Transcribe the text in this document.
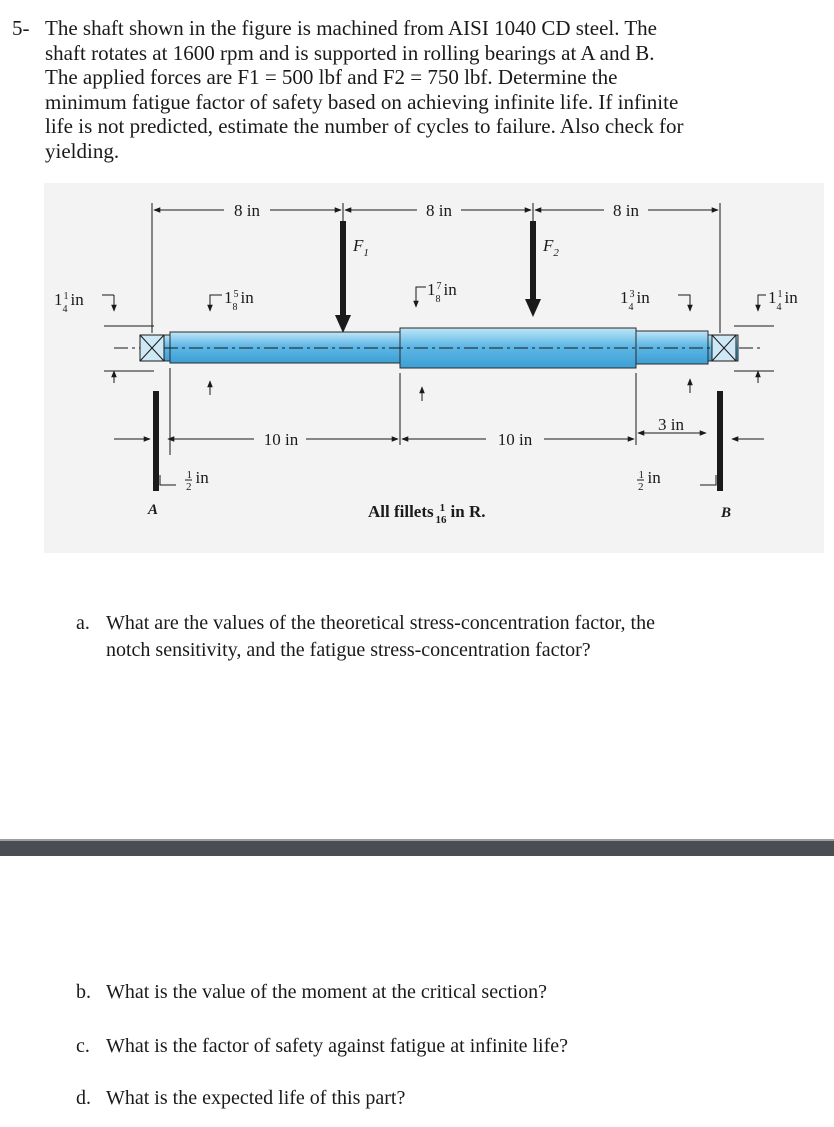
5- The shaft shown in the figure is machined from AISI 1040 CD steel. The
shaft rotates at 1600 rpm and is supported in rolling bearings at A and B.
The applied forces are F1 = 500 lbf and F2 = 750 lbf. Determine the
minimum fatigue factor of safety based on achieving infinite life. If infinite
life is not predicted, estimate the number of cycles to failure. Also check for
yielding.
8 in	8 in	8 in
$F_1$	$F_2$
$1^1$ 4in	$1^5$ 8in	$1^7$ 8in	$1^3$ 4in	$1^1$ 4in
10 in	10 in
3 in
$^1$ 2 in	$^1$ 2 in
A	B
All fillets $^1$ 16 in R.
a. What are the values of the theoretical stress-concentration factor, the
notch sensitivity, and the fatigue stress-concentration factor?
b. What is the value of the moment at the critical section?
c. What is the factor of safety against fatigue at infinite life?
d. What is the expected life of this part?
